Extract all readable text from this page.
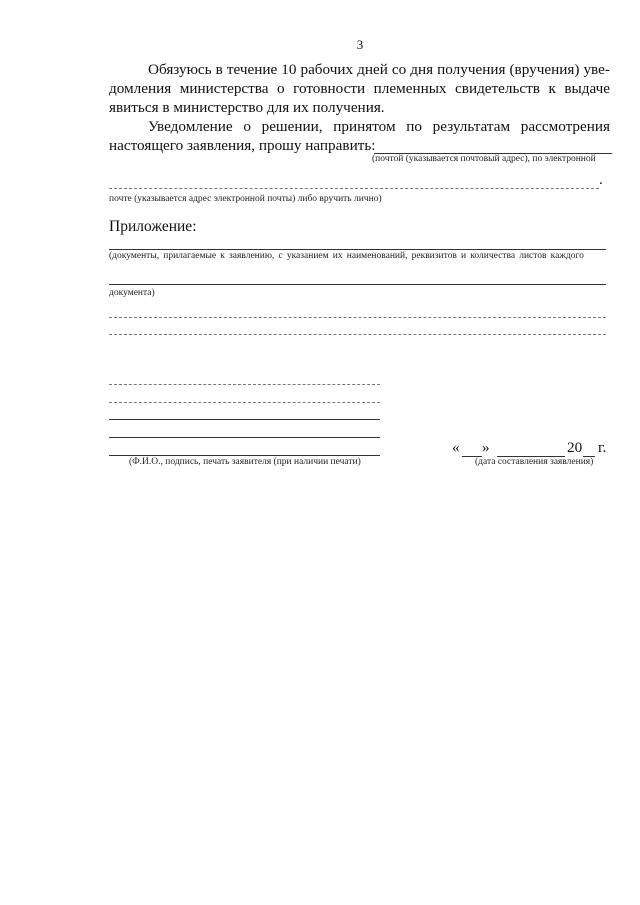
3
Обязуюсь в течение 10 рабочих дней со дня получения (вручения) уве-
домления министерства о готовности племенных свидетельств к выдаче
явиться в министерство для их получения.
Уведомление о решении, принятом по результатам рассмотрения
настоящего заявления, прошу направить:
(почтой (указывается почтовый адрес), по электронной
.
почте (указывается адрес электронной почты) либо вручить лично)
Приложение:
(документы, прилагаемые к заявлению, с указанием их наименований, реквизитов и количества листов каждого
документа)
(Ф.И.О., подпись, печать заявителя (при наличии печати)
« »	20 г.
(дата составления заявления)
